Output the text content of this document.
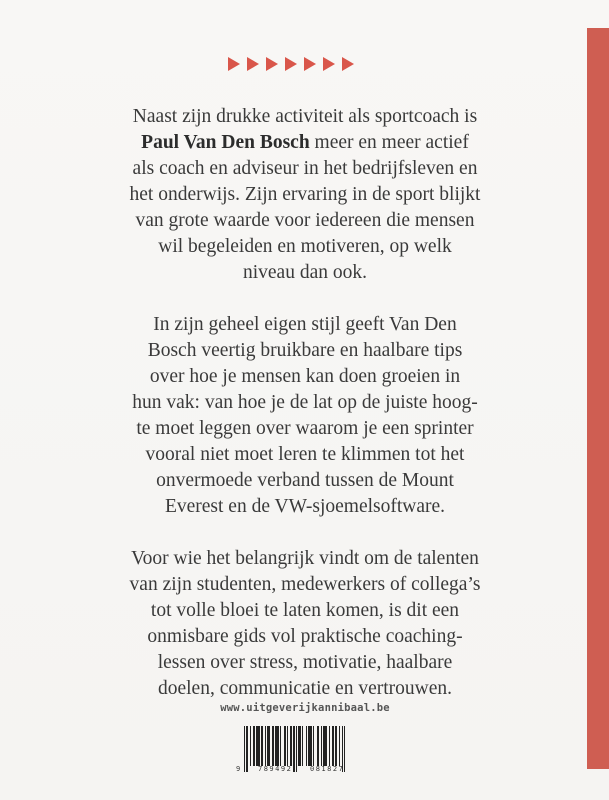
Naast zijn drukke activiteit als sportcoach is
Paul Van Den Bosch meer en meer actief
als coach en adviseur in het bedrijfsleven en
het onderwijs. Zijn ervaring in de sport blijkt
van grote waarde voor iedereen die mensen
wil begeleiden en motiveren, op welk
niveau dan ook.

In zijn geheel eigen stijl geeft Van Den
Bosch veertig bruikbare en haalbare tips
over hoe je mensen kan doen groeien in
hun vak: van hoe je de lat op de juiste hoog-
te moet leggen over waarom je een sprinter
vooral niet moet leren te klimmen tot het
onvermoede verband tussen de Mount
Everest en de VW-sjoemelsoftware.

Voor wie het belangrijk vindt om de talenten
van zijn studenten, medewerkers of collega’s
tot volle bloei te laten komen, is dit een
onmisbare gids vol praktische coaching-
lessen over stress, motivatie, haalbare
doelen, communicatie en vertrouwen.

www.uitgeverijkannibaal.be
9 789492	081827
